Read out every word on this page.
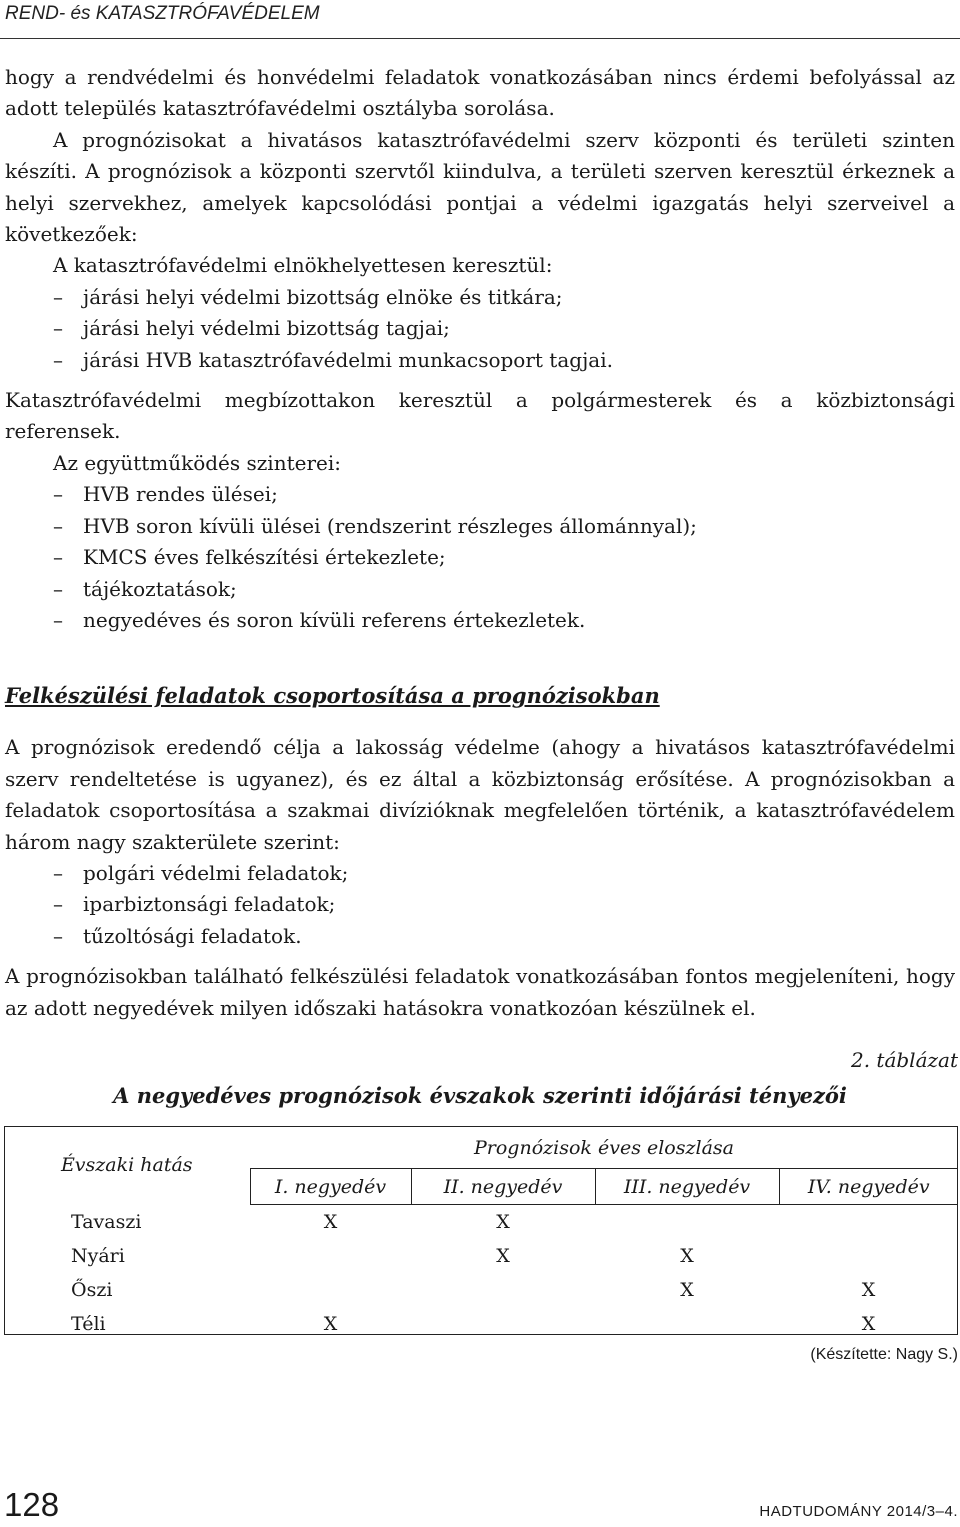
REND- és KATASZTRÓFAVÉDELEM

hogy a rendvédelmi és honvédelmi feladatok vonatkozásában nincs érdemi befolyással az adott település katasztrófavédelmi osztályba sorolása.

A prognózisokat a hivatásos katasztrófavédelmi szerv központi és területi szinten készíti. A prognózisok a központi szervtől kiindulva, a területi szerven keresztül érkeznek a helyi szervekhez, amelyek kapcsolódási pontjai a védelmi igazgatás helyi szerveivel a következőek:

A katasztrófavédelmi elnökhelyettesen keresztül:

– járási helyi védelmi bizottság elnöke és titkára;
– járási helyi védelmi bizottság tagjai;
– járási HVB katasztrófavédelmi munkacsoport tagjai.

Katasztrófavédelmi megbízottakon keresztül a polgármesterek és a közbiztonsági referensek.

Az együttműködés szinterei:

– HVB rendes ülései;
– HVB soron kívüli ülései (rendszerint részleges állománnyal);
– KMCS éves felkészítési értekezlete;
– tájékoztatások;
– negyedéves és soron kívüli referens értekezletek.
Felkészülési feladatok csoportosítása a prognózisokban

A prognózisok eredendő célja a lakosság védelme (ahogy a hivatásos katasztrófavédelmi szerv rendeltetése is ugyanez), és ez által a közbiztonság erősítése. A prognózisokban a feladatok csoportosítása a szakmai divízióknak megfelelően történik, a katasztrófavédelem három nagy szakterülete szerint:

– polgári védelmi feladatok;
– iparbiztonsági feladatok;
– tűzoltósági feladatok.

A prognózisokban található felkészülési feladatok vonatkozásában fontos megjeleníteni, hogy az adott negyedévek milyen időszaki hatásokra vonatkozóan készülnek el.

2. táblázat
A negyedéves prognózisok évszakok szerinti időjárási tényezői
Évszaki hatás	Prognózisok éves eloszlása			
	I. negyedév	II. negyedév	III. negyedév	IV. negyedév
Tavaszi	X	X		
Nyári		X	X	
Őszi			X	X
Téli	X			X
(Készítette: Nagy S.)
128	HADTUDOMÁNY 2014/3–4.
